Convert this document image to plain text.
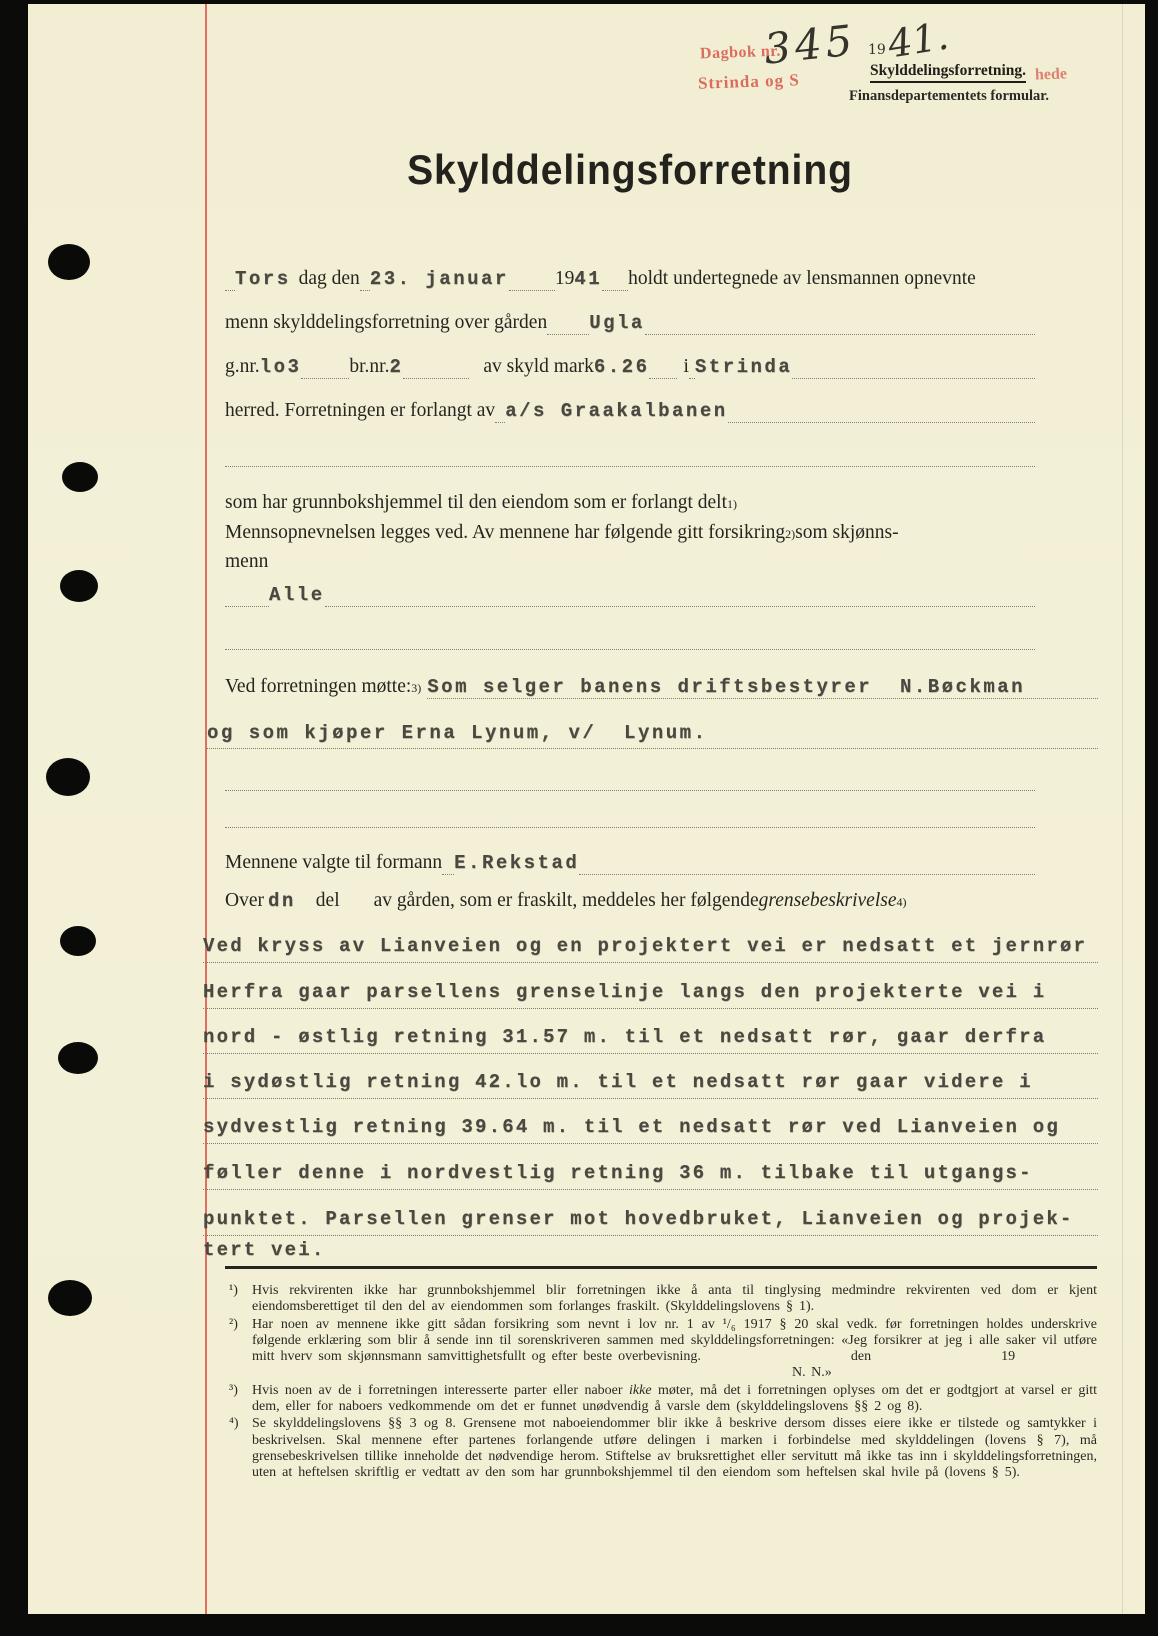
Dagbok nr.
345 19 41.
Strinda og S	hede
Skylddelingsforretning.
Finansdepartementets formular.
Skylddelingsforretning
Tors dag den 23. januar 19 41 holdt undertegnede av lensmannen opnevnte
menn skylddelingsforretning over gården Ugla
g.nr. lo3 br.nr. 2	av skyld mark 6.26 i Strinda
herred. Forretningen er forlangt av a/s Graakalbanen
som har grunnbokshjemmel til den eiendom som er forlangt delt 1)
Mennsopnevnelsen legges ved. Av mennene har følgende gitt forsikring 2) som skjønns-
menn
Alle
Ved forretningen møtte: 3) Som selger banens driftsbestyrer  N.Bøckman
og som kjøper Erna Lynum, v/  Lynum.
Mennene valgte til formann E.Rekstad
Over dn del av gården, som er fraskilt, meddeles her følgende grensebeskrivelse 4)
Ved kryss av Lianveien og en projektert vei er nedsatt et jernrør
Herfra gaar parsellens grenselinje langs den projekterte vei i
nord - østlig retning 31.57 m. til et nedsatt rør, gaar derfra
i sydøstlig retning 42.lo m. til et nedsatt rør gaar videre i
sydvestlig retning 39.64 m. til et nedsatt rør ved Lianveien og
føller denne i nordvestlig retning 36 m. tilbake til utgangs-
punktet. Parsellen grenser mot hovedbruket, Lianveien og projek-
tert vei.
¹) Hvis rekvirenten ikke har grunnbokshjemmel blir forretningen ikke å anta til tinglysing medmindre rekvirenten ved dom er kjent eiendomsberettiget til den del av eiendommen som forlanges fraskilt. (Skylddelingslovens § 1).
²) Har noen av mennene ikke gitt sådan forsikring som nevnt i lov nr. 1 av ¹/₆ 1917 § 20 skal vedk. før forretningen holdes underskrive følgende erklæring som blir å sende inn til sorenskriveren sammen med skylddelingsforretningen: «Jeg forsikrer at jeg i alle saker vil utføre mitt hverv som skjønnsmann samvittighetsfullt og efter beste overbevisning.	den	19
N. N.»
³) Hvis noen av de i forretningen interesserte parter eller naboer ikke møter, må det i forretningen oplyses om det er godtgjort at varsel er gitt dem, eller for naboers vedkommende om det er funnet unødvendig å varsle dem (skylddelingslovens §§ 2 og 8).
⁴) Se skylddelingslovens §§ 3 og 8. Grensene mot naboeiendommer blir ikke å beskrive dersom disses eiere ikke er tilstede og samtykker i beskrivelsen. Skal mennene efter partenes forlangende utføre delingen i marken i forbindelse med skylddelingen (lovens § 7), må grensebeskrivelsen tillike inneholde det nødvendige herom. Stiftelse av bruksrettighet eller servitutt må ikke tas inn i skylddelingsforretningen, uten at heftelsen skriftlig er vedtatt av den som har grunnbokshjemmel til den eiendom som heftelsen skal hvile på (lovens § 5).
